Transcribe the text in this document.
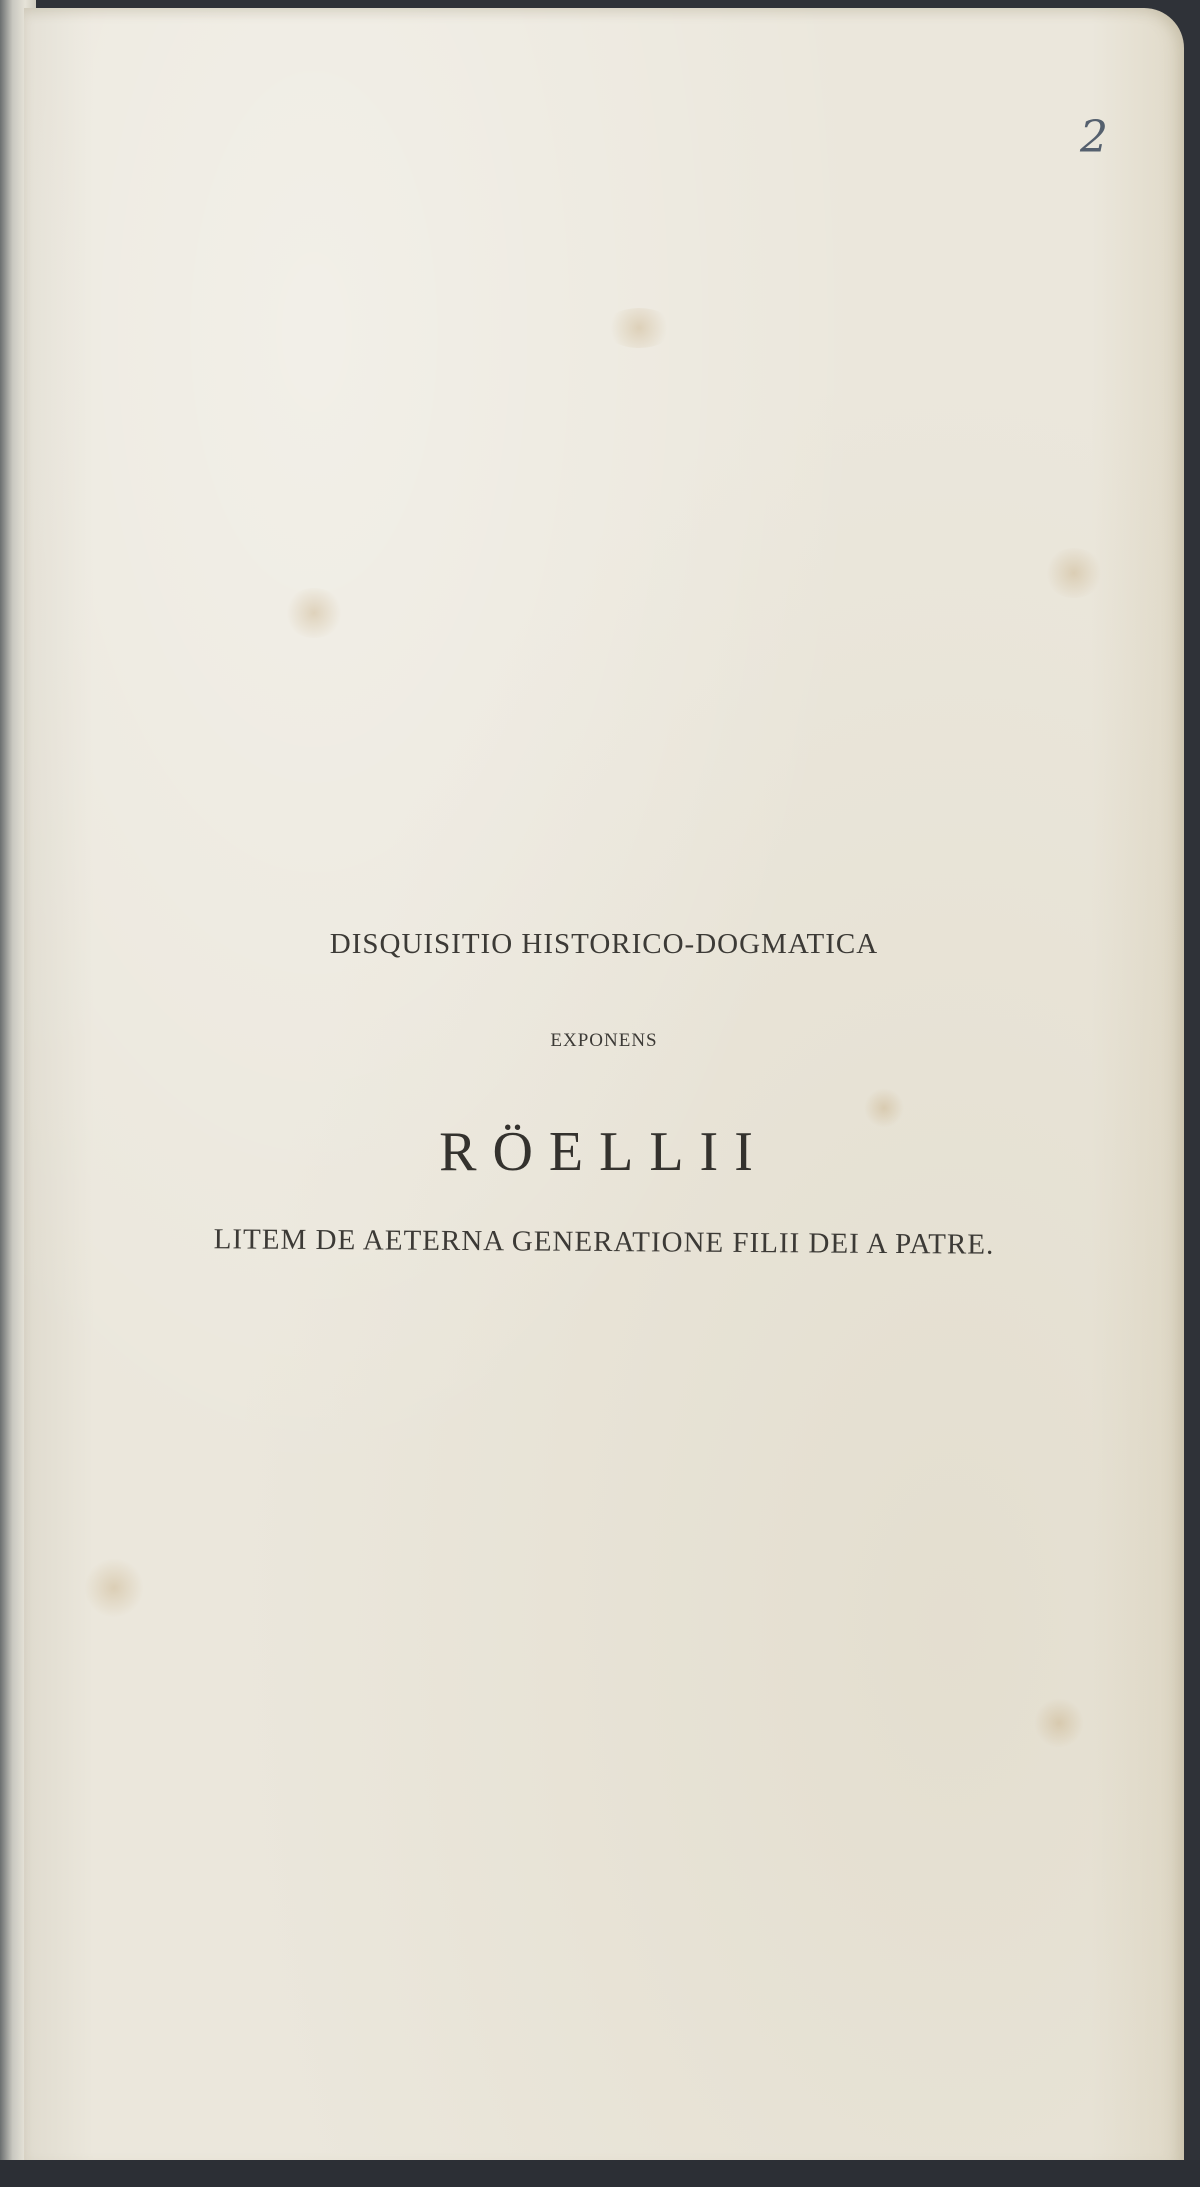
2
DISQUISITIO HISTORICO-DOGMATICA
EXPONENS
RÖELLII
LITEM DE AETERNA GENERATIONE FILII DEI A PATRE.
